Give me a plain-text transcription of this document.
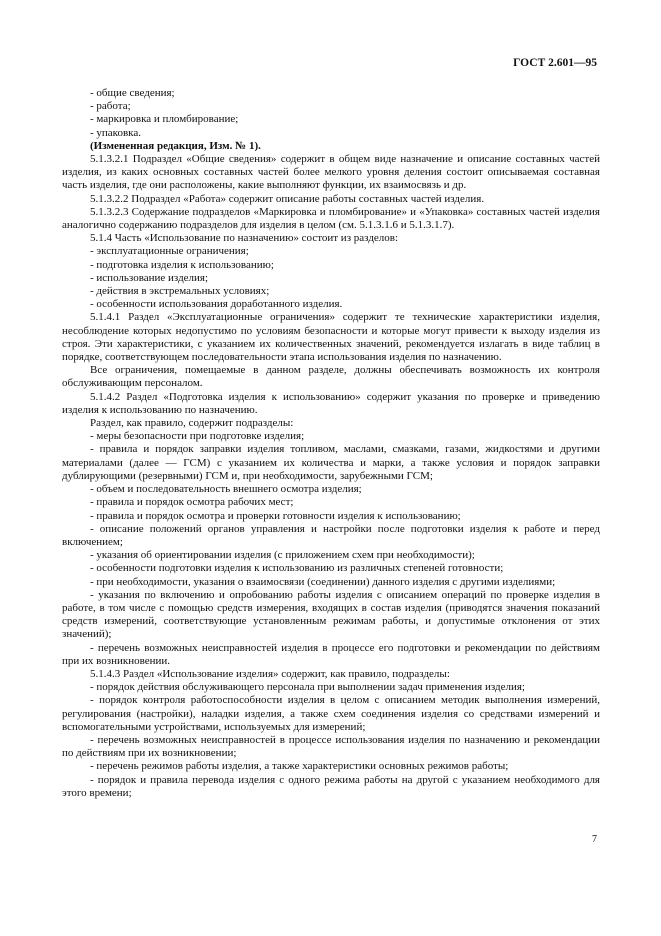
ГОСТ 2.601—95

- общие сведения;

- работа;

- маркировка и пломбирование;

- упаковка.

(Измененная редакция, Изм. № 1).

5.1.3.2.1 Подраздел «Общие сведения» содержит в общем виде назначение и описание составных частей изделия, из каких основных составных частей более мелкого уровня деления состоит описываемая составная часть изделия, где они расположены, какие выполняют функции, их взаимосвязь и др.

5.1.3.2.2 Подраздел «Работа» содержит описание работы составных частей изделия.

5.1.3.2.3 Содержание подразделов «Маркировка и пломбирование» и «Упаковка» составных частей изделия аналогично содержанию подразделов для изделия в целом (см. 5.1.3.1.6 и 5.1.3.1.7).

5.1.4 Часть «Использование по назначению» состоит из разделов:

- эксплуатационные ограничения;

- подготовка изделия к использованию;

- использование изделия;

- действия в экстремальных условиях;

- особенности использования доработанного изделия.

5.1.4.1 Раздел «Эксплуатационные ограничения» содержит те технические характеристики изделия, несоблюдение которых недопустимо по условиям безопасности и которые могут привести к выходу изделия из строя. Эти характеристики, с указанием их количественных значений, рекомендуется излагать в виде таблиц в порядке, соответствующем последовательности этапа использования изделия по назначению.

Все ограничения, помещаемые в данном разделе, должны обеспечивать возможность их контроля обслуживающим персоналом.

5.1.4.2 Раздел «Подготовка изделия к использованию» содержит указания по проверке и приведению изделия к использованию по назначению.

Раздел, как правило, содержит подразделы:

- меры безопасности при подготовке изделия;

- правила и порядок заправки изделия топливом, маслами, смазками, газами, жидкостями и другими материалами (далее — ГСМ) с указанием их количества и марки, а также условия и порядок заправки дублирующими (резервными) ГСМ и, при необходимости, зарубежными ГСМ;

- объем и последовательность внешнего осмотра изделия;

- правила и порядок осмотра рабочих мест;

- правила и порядок осмотра и проверки готовности изделия к использованию;

- описание положений органов управления и настройки после подготовки изделия к работе и перед включением;

- указания об ориентировании изделия (с приложением схем при необходимости);

- особенности подготовки изделия к использованию из различных степеней готовности;

- при необходимости, указания о взаимосвязи (соединении) данного изделия с другими изделиями;

- указания по включению и опробованию работы изделия с описанием операций по проверке изделия в работе, в том числе с помощью средств измерения, входящих в состав изделия (приводятся значения показаний средств измерений, соответствующие установленным режимам работы, и допустимые отклонения от этих значений);

- перечень возможных неисправностей изделия в процессе его подготовки и рекомендации по действиям при их возникновении.

5.1.4.3 Раздел «Использование изделия» содержит, как правило, подразделы:

- порядок действия обслуживающего персонала при выполнении задач применения изделия;

- порядок контроля работоспособности изделия в целом с описанием методик выполнения измерений, регулирования (настройки), наладки изделия, а также схем соединения изделия со средствами измерений и вспомогательными устройствами, используемых для измерений;

- перечень возможных неисправностей в процессе использования изделия по назначению и рекомендации по действиям при их возникновении;

- перечень режимов работы изделия, а также характеристики основных режимов работы;

- порядок и правила перевода изделия с одного режима работы на другой с указанием необходимого для этого времени;

7
